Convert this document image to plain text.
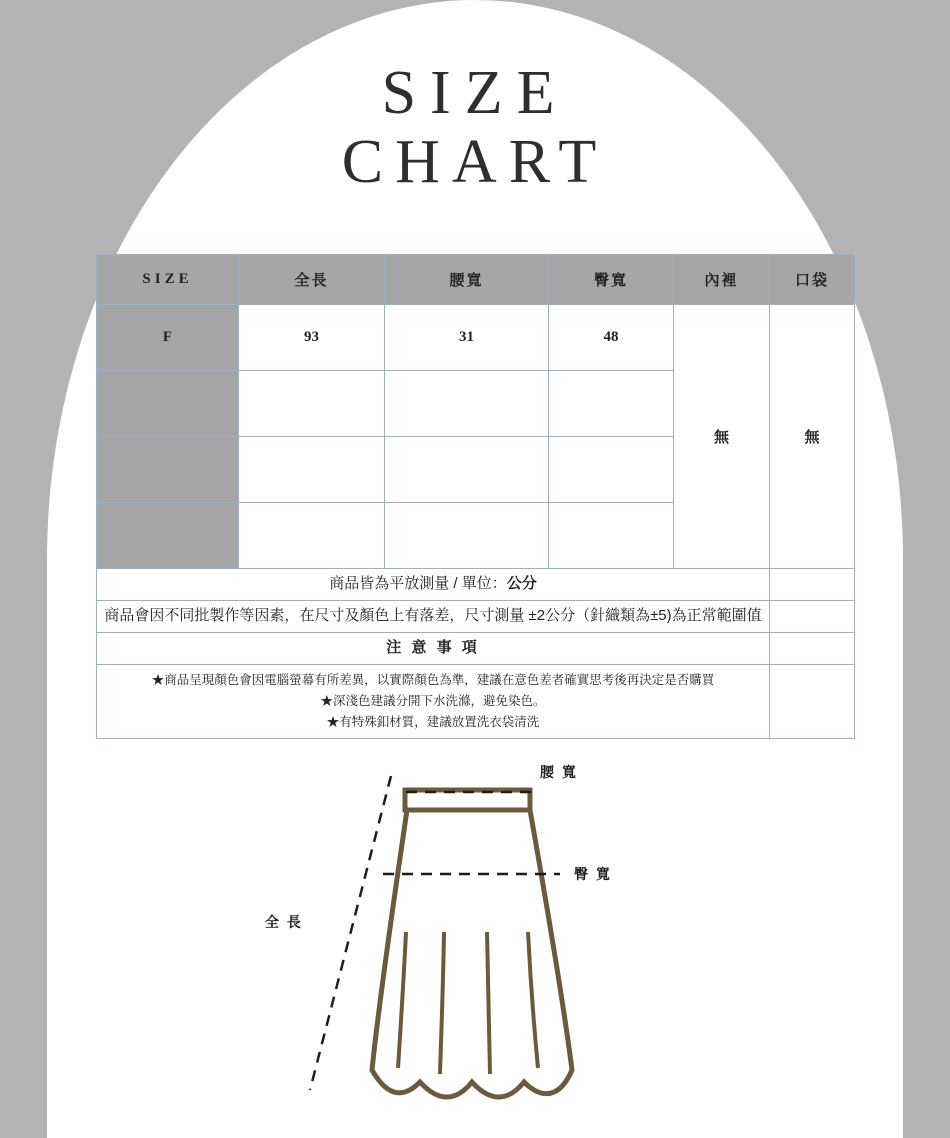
SIZE
CHART
SIZE	全長	腰寬	臀寬	內裡	口袋
F	93	31	48	無	無

商品皆為平放測量 / 單位：公分					
商品會因不同批製作等因素，在尺寸及顏色上有落差，尺寸測量 ±2公分（針織類為±5)為正常範圍值					
注 意 事 項					

★商品呈現顏色會因電腦螢幕有所差異，以實際顏色為準，建議在意色差者確實思考後再決定是否購買
★深淺色建議分開下水洗滌，避免染色。
★有特殊釦材質，建議放置洗衣袋清洗					

腰 寬
臀 寬
全 長
